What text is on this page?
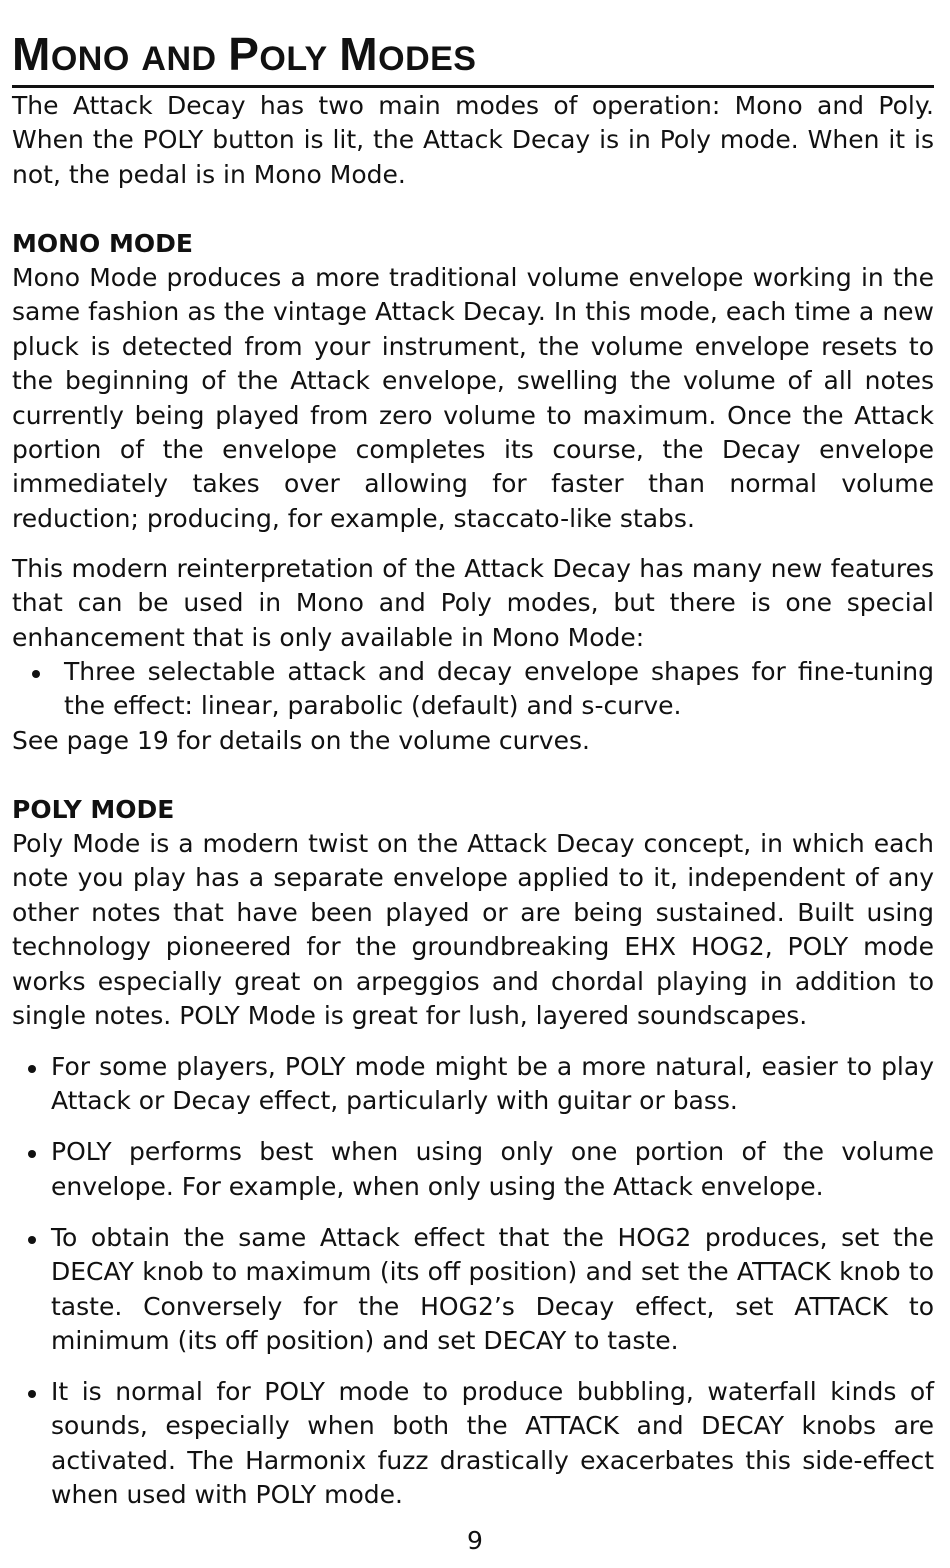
MONO AND POLY MODES

The Attack Decay has two main modes of operation: Mono and Poly. When the POLY button is lit, the Attack Decay is in Poly mode. When it is not, the pedal is in Mono Mode.

MONO MODE

Mono Mode produces a more traditional volume envelope working in the same fashion as the vintage Attack Decay. In this mode, each time a new pluck is detected from your instrument, the volume envelope resets to the beginning of the Attack envelope, swelling the volume of all notes currently being played from zero volume to maximum. Once the Attack portion of the envelope completes its course, the Decay envelope immediately takes over allowing for faster than normal volume reduction; producing, for example, staccato-like stabs.

This modern reinterpretation of the Attack Decay has many new features that can be used in Mono and Poly modes, but there is one special enhancement that is only available in Mono Mode:

Three selectable attack and decay envelope shapes for fine-tuning the effect: linear, parabolic (default) and s-curve.

See page 19 for details on the volume curves.

POLY MODE

Poly Mode is a modern twist on the Attack Decay concept, in which each note you play has a separate envelope applied to it, independent of any other notes that have been played or are being sustained. Built using technology pioneered for the groundbreaking EHX HOG2, POLY mode works especially great on arpeggios and chordal playing in addition to single notes. POLY Mode is great for lush, layered soundscapes.

For some players, POLY mode might be a more natural, easier to play Attack or Decay effect, particularly with guitar or bass.
POLY performs best when using only one portion of the volume envelope. For example, when only using the Attack envelope.
To obtain the same Attack effect that the HOG2 produces, set the DECAY knob to maximum (its off position) and set the ATTACK knob to taste. Conversely for the HOG2’s Decay effect, set ATTACK to minimum (its off position) and set DECAY to taste.
It is normal for POLY mode to produce bubbling, waterfall kinds of sounds, especially when both the ATTACK and DECAY knobs are activated. The Harmonix fuzz drastically exacerbates this side-effect when used with POLY mode.
9
